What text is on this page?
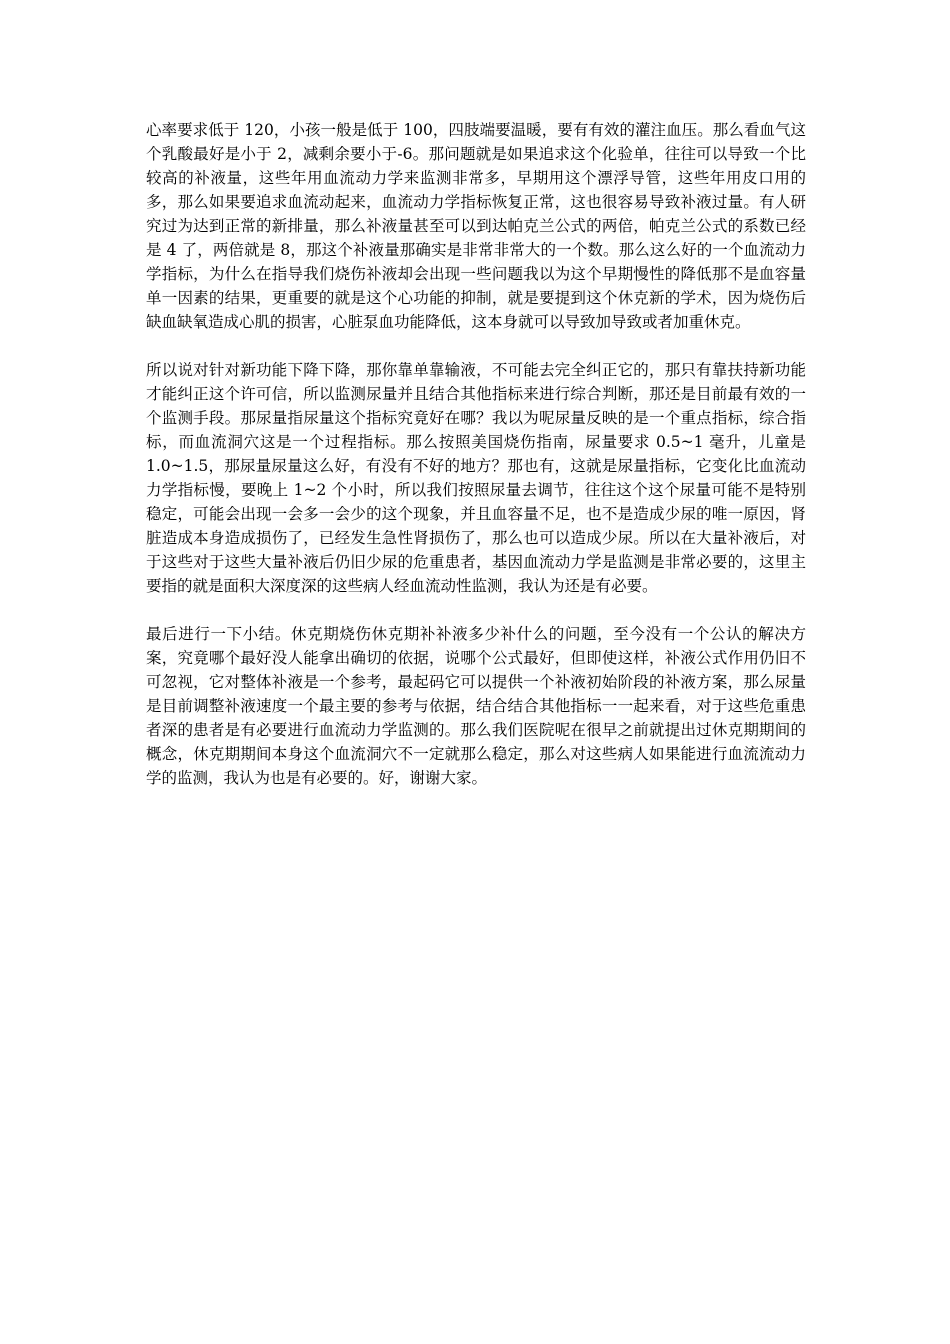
心率要求低于 120，小孩一般是低于 100，四肢端要温暖，要有有效的灌注血压。那么看血气这个乳酸最好是小于 2，减剩余要小于-6。那问题就是如果追求这个化验单，往往可以导致一个比较高的补液量，这些年用血流动力学来监测非常多，早期用这个漂浮导管，这些年用皮口用的多，那么如果要追求血流动起来，血流动力学指标恢复正常，这也很容易导致补液过量。有人研究过为达到正常的新排量，那么补液量甚至可以到达帕克兰公式的两倍，帕克兰公式的系数已经是 4 了，两倍就是 8，那这个补液量那确实是非常非常大的一个数。那么这么好的一个血流动力学指标，为什么在指导我们烧伤补液却会出现一些问题我以为这个早期慢性的降低那不是血容量单一因素的结果，更重要的就是这个心功能的抑制，就是要提到这个休克新的学术，因为烧伤后缺血缺氧造成心肌的损害，心脏泵血功能降低，这本身就可以导致加导致或者加重休克。

所以说对针对新功能下降下降，那你靠单靠输液，不可能去完全纠正它的，那只有靠扶持新功能才能纠正这个许可信，所以监测尿量并且结合其他指标来进行综合判断，那还是目前最有效的一个监测手段。那尿量指尿量这个指标究竟好在哪？我以为呢尿量反映的是一个重点指标，综合指标，而血流洞穴这是一个过程指标。那么按照美国烧伤指南，尿量要求 0.5~1 毫升，儿童是 1.0~1.5，那尿量尿量这么好，有没有不好的地方？那也有，这就是尿量指标，它变化比血流动力学指标慢，要晚上 1~2 个小时，所以我们按照尿量去调节，往往这个这个尿量可能不是特别稳定，可能会出现一会多一会少的这个现象，并且血容量不足，也不是造成少尿的唯一原因，肾脏造成本身造成损伤了，已经发生急性肾损伤了，那么也可以造成少尿。所以在大量补液后，对于这些对于这些大量补液后仍旧少尿的危重患者，基因血流动力学是监测是非常必要的，这里主要指的就是面积大深度深的这些病人经血流动性监测，我认为还是有必要。

最后进行一下小结。休克期烧伤休克期补补液多少补什么的问题，至今没有一个公认的解决方案，究竟哪个最好没人能拿出确切的依据，说哪个公式最好，但即使这样，补液公式作用仍旧不可忽视，它对整体补液是一个参考，最起码它可以提供一个补液初始阶段的补液方案，那么尿量是目前调整补液速度一个最主要的参考与依据，结合结合其他指标一一起来看，对于这些危重患者深的患者是有必要进行血流动力学监测的。那么我们医院呢在很早之前就提出过休克期期间的概念，休克期期间本身这个血流洞穴不一定就那么稳定，那么对这些病人如果能进行血流流动力学的监测，我认为也是有必要的。好，谢谢大家。
